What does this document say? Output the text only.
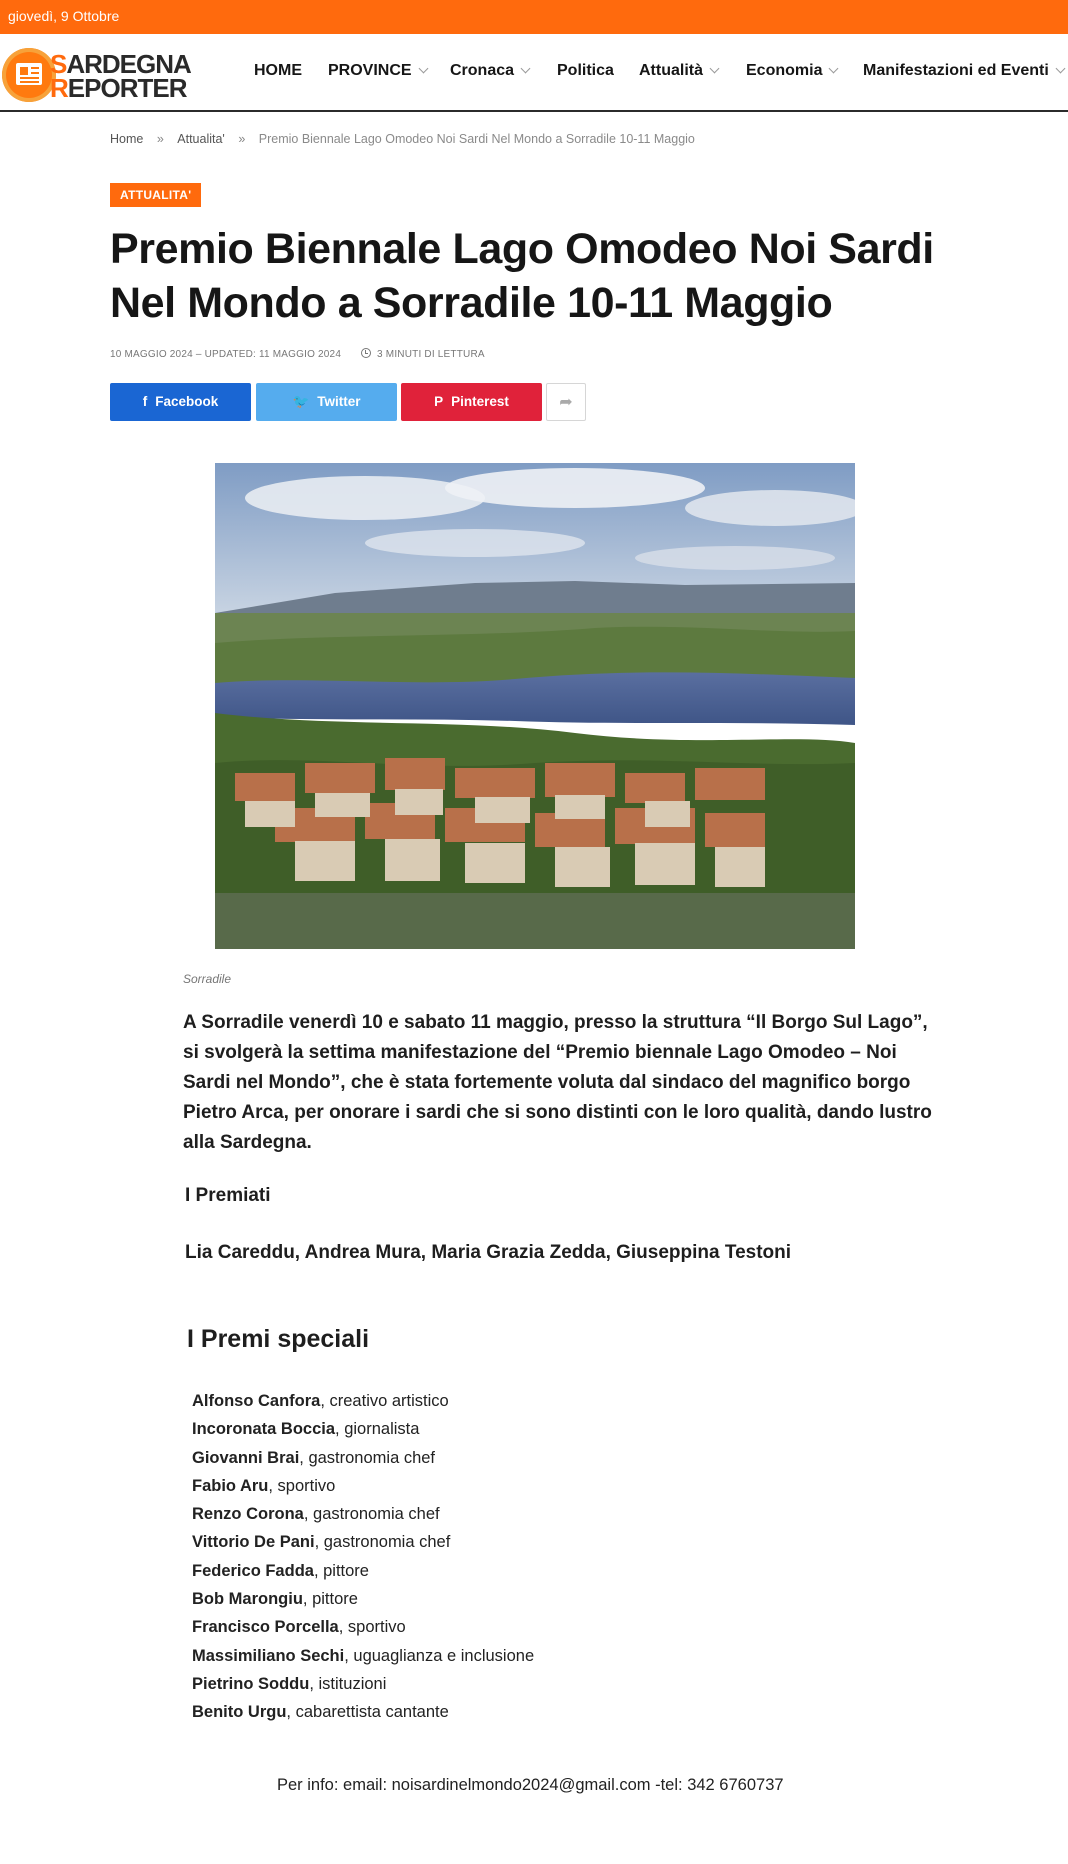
giovedì, 9 Ottobre
SARDEGNA
REPORTER
HOME PROVINCE	Cronaca	Politica Attualità	Economia	Manifestazioni ed Eventi
Home » Attualita' » Premio Biennale Lago Omodeo Noi Sardi Nel Mondo a Sorradile 10-11 Maggio
ATTUALITA'
Premio Biennale Lago Omodeo Noi Sardi Nel Mondo a Sorradile 10-11 Maggio
10 MAGGIO 2024 – UPDATED: 11 MAGGIO 2024	3 MINUTI DI LETTURA
f Facebook	🐦 Twitter	P Pinterest	➦
Sorradile

A Sorradile venerdì 10 e sabato 11 maggio, presso la struttura “Il Borgo Sul Lago”, si svolgerà la settima manifestazione del “Premio biennale Lago Omodeo – Noi Sardi nel Mondo”, che è stata fortemente voluta dal sindaco del magnifico borgo Pietro Arca, per onorare i sardi che si sono distinti con le loro qualità, dando lustro alla Sardegna.

I Premiati
Lia Careddu, Andrea Mura, Maria Grazia Zedda, Giuseppina Testoni
I Premi speciali
Alfonso Canfora, creativo artistico
Incoronata Boccia, giornalista
Giovanni Brai, gastronomia chef
Fabio Aru, sportivo
Renzo Corona, gastronomia chef
Vittorio De Pani, gastronomia chef
Federico Fadda, pittore
Bob Marongiu, pittore
Francisco Porcella, sportivo
Massimiliano Sechi, uguaglianza e inclusione
Pietrino Soddu, istituzioni
Benito Urgu, cabarettista cantante
Per info: email: noisardinelmondo2024@gmail.com -tel: 342 6760737
